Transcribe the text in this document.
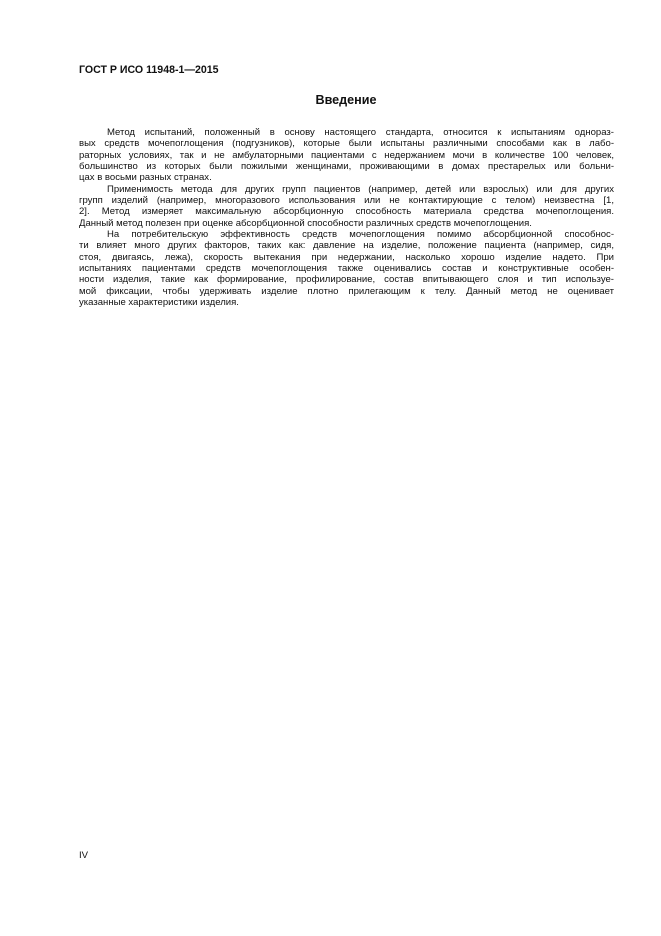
ГОСТ Р ИСО 11948-1—2015
Введение
Метод испытаний, положенный в основу настоящего стандарта, относится к испытаниям однораз-
вых средств мочепоглощения (подгузников), которые были испытаны различными способами как в лабо-
раторных условиях, так и не амбулаторными пациентами с недержанием мочи в количестве 100 человек,
большинство из которых были пожилыми женщинами, проживающими в домах престарелых или больни-
цах в восьми разных странах.
Применимость метода для других групп пациентов (например, детей или взрослых) или для других
групп изделий (например, многоразового использования или не контактирующие с телом) неизвестна [1,
2]. Метод измеряет максимальную абсорбционную способность материала средства мочепоглощения.
Данный метод полезен при оценке абсорбционной способности различных средств мочепоглощения.
На потребительскую эффективность средств мочепоглощения помимо абсорбционной способнос-
ти влияет много других факторов, таких как: давление на изделие, положение пациента (например, сидя,
стоя, двигаясь, лежа), скорость вытекания при недержании, насколько хорошо изделие надето. При
испытаниях пациентами средств мочепоглощения также оценивались состав и конструктивные особен-
ности изделия, такие как формирование, профилирование, состав впитывающего слоя и тип используе-
мой фиксации, чтобы удерживать изделие плотно прилегающим к телу. Данный метод не оценивает
указанные характеристики изделия.
IV
